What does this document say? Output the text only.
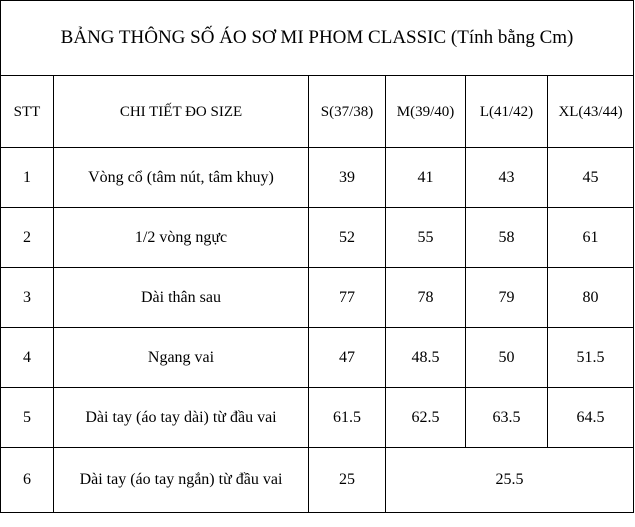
BẢNG THÔNG SỐ ÁO SƠ MI PHOM CLASSIC (Tính bằng Cm)					
STT	CHI TIẾT ĐO SIZE	S(37/38)	M(39/40)	L(41/42)	XL(43/44)
1	Vòng cổ (tâm nút, tâm khuy)	39	41	43	45
2	1/2 vòng ngực	52	55	58	61
3	Dài thân sau	77	78	79	80
4	Ngang vai	47	48.5	50	51.5
5	Dài tay (áo tay dài) từ đầu vai	61.5	62.5	63.5	64.5
6	Dài tay (áo tay ngắn) từ đầu vai	25	25.5		
